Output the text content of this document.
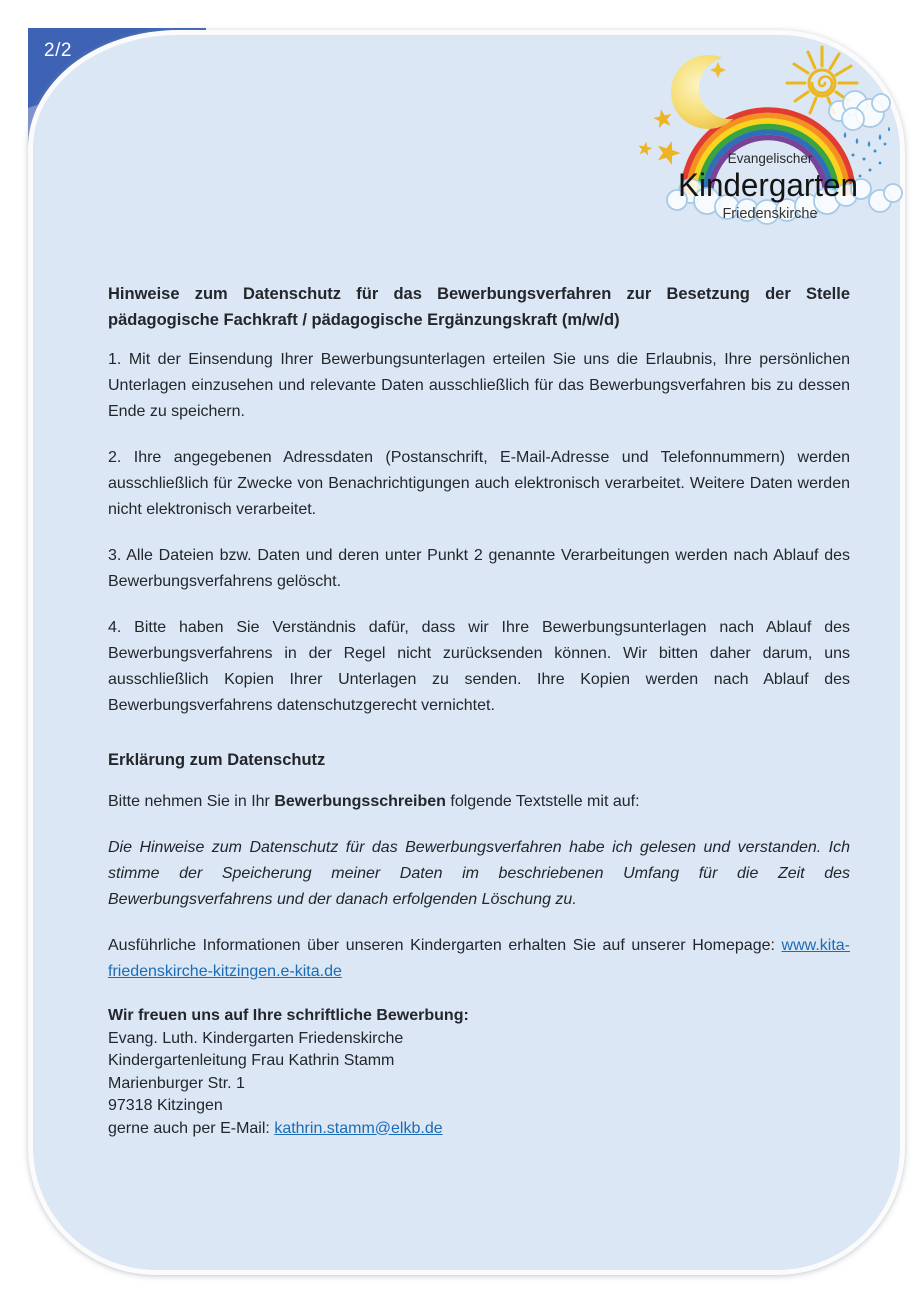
2/2
Evangelischer
Kindergarten
Friedenskirche
Hinweise zum Datenschutz für das Bewerbungsverfahren zur Besetzung der Stelle pädagogische Fachkraft / pädagogische Ergänzungskraft (m/w/d)

1. Mit der Einsendung Ihrer Bewerbungsunterlagen erteilen Sie uns die Erlaubnis, Ihre persönlichen Unterlagen einzusehen und relevante Daten ausschließlich für das Bewerbungsverfahren bis zu dessen Ende zu speichern.

2. Ihre angegebenen Adressdaten (Postanschrift, E-Mail-Adresse und Telefonnummern) werden ausschließlich für Zwecke von Benachrichtigungen auch elektronisch verarbeitet. Weitere Daten werden nicht elektronisch verarbeitet.

3. Alle Dateien bzw. Daten und deren unter Punkt 2 genannte Verarbeitungen werden nach Ablauf des Bewerbungsverfahrens gelöscht.

4. Bitte haben Sie Verständnis dafür, dass wir Ihre Bewerbungsunterlagen nach Ablauf des Bewerbungsverfahrens in der Regel nicht zurücksenden können. Wir bitten daher darum, uns ausschließlich Kopien Ihrer Unterlagen zu senden. Ihre Kopien werden nach Ablauf des Bewerbungsverfahrens datenschutzgerecht vernichtet.

Erklärung zum Datenschutz

Bitte nehmen Sie in Ihr Bewerbungsschreiben folgende Textstelle mit auf:

Die Hinweise zum Datenschutz für das Bewerbungsverfahren habe ich gelesen und verstanden. Ich stimme der Speicherung meiner Daten im beschriebenen Umfang für die Zeit des Bewerbungsverfahrens und der danach erfolgenden Löschung zu.

Ausführliche Informationen über unseren Kindergarten erhalten Sie auf unserer Homepage: www.kita-friedenskirche-kitzingen.e-kita.de

Wir freuen uns auf Ihre schriftliche Bewerbung:
Evang. Luth. Kindergarten Friedenskirche
Kindergartenleitung Frau Kathrin Stamm
Marienburger Str. 1
97318 Kitzingen
gerne auch per E-Mail: kathrin.stamm@elkb.de
